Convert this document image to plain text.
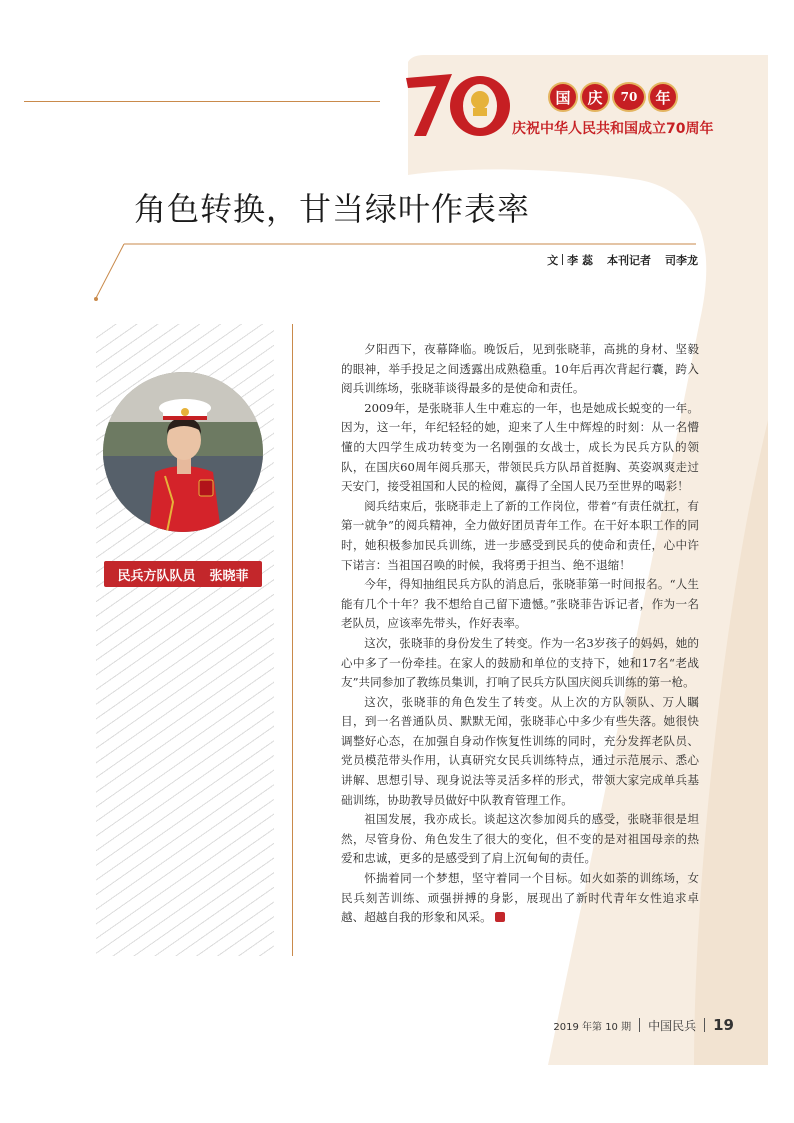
国	庆	70	年
庆祝中华人民共和国成立70周年
角色转换，甘当绿叶作表率
文 李 蕊 本刊记者 司李龙
民兵方队队员 张晓菲

夕阳西下，夜幕降临。晚饭后，见到张晓菲，高挑的身材、坚毅的眼神，举手投足之间透露出成熟稳重。10年后再次背起行囊，跨入阅兵训练场，张晓菲谈得最多的是使命和责任。

2009年，是张晓菲人生中难忘的一年，也是她成长蜕变的一年。因为，这一年，年纪轻轻的她，迎来了人生中辉煌的时刻：从一名懵懂的大四学生成功转变为一名刚强的女战士，成长为民兵方队的领队，在国庆60周年阅兵那天，带领民兵方队昂首挺胸、英姿飒爽走过天安门，接受祖国和人民的检阅，赢得了全国人民乃至世界的喝彩！

阅兵结束后，张晓菲走上了新的工作岗位，带着“有责任就扛，有第一就争”的阅兵精神，全力做好团员青年工作。在干好本职工作的同时，她积极参加民兵训练，进一步感受到民兵的使命和责任，心中许下诺言：当祖国召唤的时候，我将勇于担当、绝不退缩！

今年，得知抽组民兵方队的消息后，张晓菲第一时间报名。“人生能有几个十年？我不想给自己留下遗憾。”张晓菲告诉记者，作为一名老队员，应该率先带头，作好表率。

这次，张晓菲的身份发生了转变。作为一名3岁孩子的妈妈，她的心中多了一份牵挂。在家人的鼓励和单位的支持下，她和17名“老战友”共同参加了教练员集训，打响了民兵方队国庆阅兵训练的第一枪。

这次，张晓菲的角色发生了转变。从上次的方队领队、万人瞩目，到一名普通队员、默默无闻，张晓菲心中多少有些失落。她很快调整好心态，在加强自身动作恢复性训练的同时，充分发挥老队员、党员模范带头作用，认真研究女民兵训练特点，通过示范展示、悉心讲解、思想引导、现身说法等灵活多样的形式，带领大家完成单兵基础训练，协助教导员做好中队教育管理工作。

祖国发展，我亦成长。谈起这次参加阅兵的感受，张晓菲很是坦然，尽管身份、角色发生了很大的变化，但不变的是对祖国母亲的热爱和忠诚，更多的是感受到了肩上沉甸甸的责任。

怀揣着同一个梦想，坚守着同一个目标。如火如荼的训练场，女民兵刻苦训练、顽强拼搏的身影，展现出了新时代青年女性追求卓越、超越自我的形象和风采。

2019 年第 10 期 中国民兵 19
